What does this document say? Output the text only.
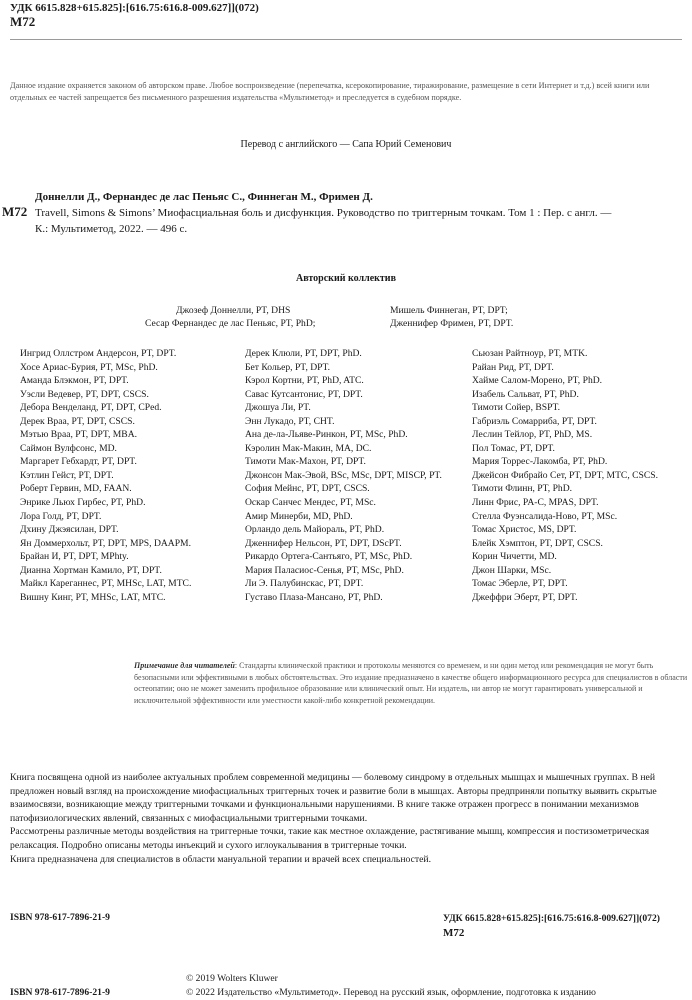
УДК 6615.828+615.825]:[616.75:616.8-009.627]](072)
M72
Данное издание охраняется законом об авторском праве. Любое воспроизведение (перепечатка, ксерокопирование, тиражирование, размещение в сети Интернет и т.д.) всей книги или отдельных ее частей запрещается без письменного разрешения издательства «Мультиметод» и преследуется в судебном порядке.
Перевод с английского — Сапа Юрий Семенович
M72
Доннелли Д., Фернандес де лас Пеньяс С., Финнеган М., Фримен Д.
Travell, Simons & Simons’ Миофасциальная боль и дисфункция. Руководство по триггерным точкам. Том 1 : Пер. с англ. —
К.: Мультиметод, 2022. — 496 с.
Авторский коллектив
Джозеф Доннелли, PT, DHS
Сесар Фернандес де лас Пеньяс, PT, PhD;
Мишель Финнеган, PT, DPT;
Дженнифер Фримен, PT, DPT.
Ингрид Оллстром Андерсон, PT, DPT.
Хосе Ариас-Бурия, PT, MSc, PhD.
Аманда Блэкмон, PT, DPT.
Уэсли Ведевер, PT, DPT, CSCS.
Дебора Венделанд, PT, DPT, CPed.
Дерек Враа, PT, DPT, CSCS.
Мэтью Враа, PT, DPT, MBA.
Саймон Вулфсонс, MD.
Маргарет Гебхардт, PT, DPT.
Кэтлин Гейст, PT, DPT.
Роберт Гервин, MD, FAAN.
Энрике Льюх Гирбес, PT, PhD.
Лора Голд, PT, DPT.
Дхину Джэясилан, DPT.
Ян Доммерхольт, PT, DPT, MPS, DAAPM.
Брайан И, PT, DPT, MPhty.
Дианна Хортман Камило, PT, DPT.
Майкл Кареганнес, PT, MHSc, LAT, MTC.
Вишну Кинг, PT, MHSc, LAT, MTC.
Дерек Клюли, PT, DPT, PhD.
Бет Кольер, PT, DPT.
Кэрол Кортни, PT, PhD, ATC.
Савас Кутсантонис, PT, DPT.
Джошуа Ли, PT.
Энн Лукадо, PT, CHT.
Ана де-ла-Льяве-Ринкон, PT, MSc, PhD.
Кэролин Мак-Макин, MA, DC.
Тимоти Мак-Махон, PT, DPT.
Джонсон Мак-Эвой, BSc, MSc, DPT, MISCP, PT.
София Мейнс, PT, DPT, CSCS.
Оскар Санчес Мендес, PT, MSc.
Амир Минерби, MD, PhD.
Орландо дель Майораль, PT, PhD.
Дженнифер Нельсон, PT, DPT, DScPT.
Рикардо Ортега-Сантьяго, PT, MSc, PhD.
Мария Паласиос-Сенья, PT, MSc, PhD.
Ли Э. Палубинскас, PT, DPT.
Густаво Плаза-Мансано, PT, PhD.
Сьюзан Райтноур, PT, MTK.
Райан Рид, PT, DPT.
Хайме Салом-Морено, PT, PhD.
Изабель Сальват, PT, PhD.
Тимоти Сойер, BSPT.
Габриэль Сомарриба, PT, DPT.
Леслин Тейлор, PT, PhD, MS.
Пол Томас, PT, DPT.
Мария Торрес-Лакомба, PT, PhD.
Джейсон Фибрайо Сет, PT, DPT, MTC, CSCS.
Тимоти Флинн, PT, PhD.
Линн Фрис, PA-C, MPAS, DPT.
Стелла Фуэнсалида-Ново, PT, MSc.
Томас Христос, MS, DPT.
Блейк Хэмптон, PT, DPT, CSCS.
Корин Чичетти, MD.
Джон Шарки, MSc.
Томас Эберле, PT, DPT.
Джеффри Эберт, PT, DPT.
Примечание для читателей: Стандарты клинической практики и протоколы меняются со временем, и ни один метод или рекомендация не могут быть безопасными или эффективными в любых обстоятельствах. Это издание предназначено в качестве общего информационного ресурса для специалистов в области остеопатии; оно не может заменить профильное образование или клинический опыт. Ни издатель, ни автор не могут гарантировать универсальной и исключительной эффективности или уместности какой-либо конкретной рекомендации.
Книга посвящена одной из наиболее актуальных проблем современной медицины — болевому синдрому в отдельных мышцах и мышечных группах. В ней предложен новый взгляд на происхождение миофасциальных триггерных точек и развитие боли в мышцах. Авторы предприняли попытку выявить скрытые взаимосвязи, возникающие между триггерными точками и функциональными нарушениями. В книге также отражен прогресс в понимании механизмов патофизиологических явлений, связанных с миофасциальными триггерными точками.
Рассмотрены различные методы воздействия на триггерные точки, такие как местное охлаждение, растягивание мышц, компрессия и постизометрическая релаксация. Подробно описаны методы инъекций и сухого иглоукалывания в триггерные точки.
Книга предназначена для специалистов в области мануальной терапии и врачей всех специальностей.
ISBN 978-617-7896-21-9	УДК 6615.828+615.825]:[616.75:616.8-009.627]](072)
M72
© 2019 Wolters Kluwer
ISBN 978-617-7896-21-9	© 2022 Издательство «Мультиметод». Перевод на русский язык, оформление, подготовка к изданию
